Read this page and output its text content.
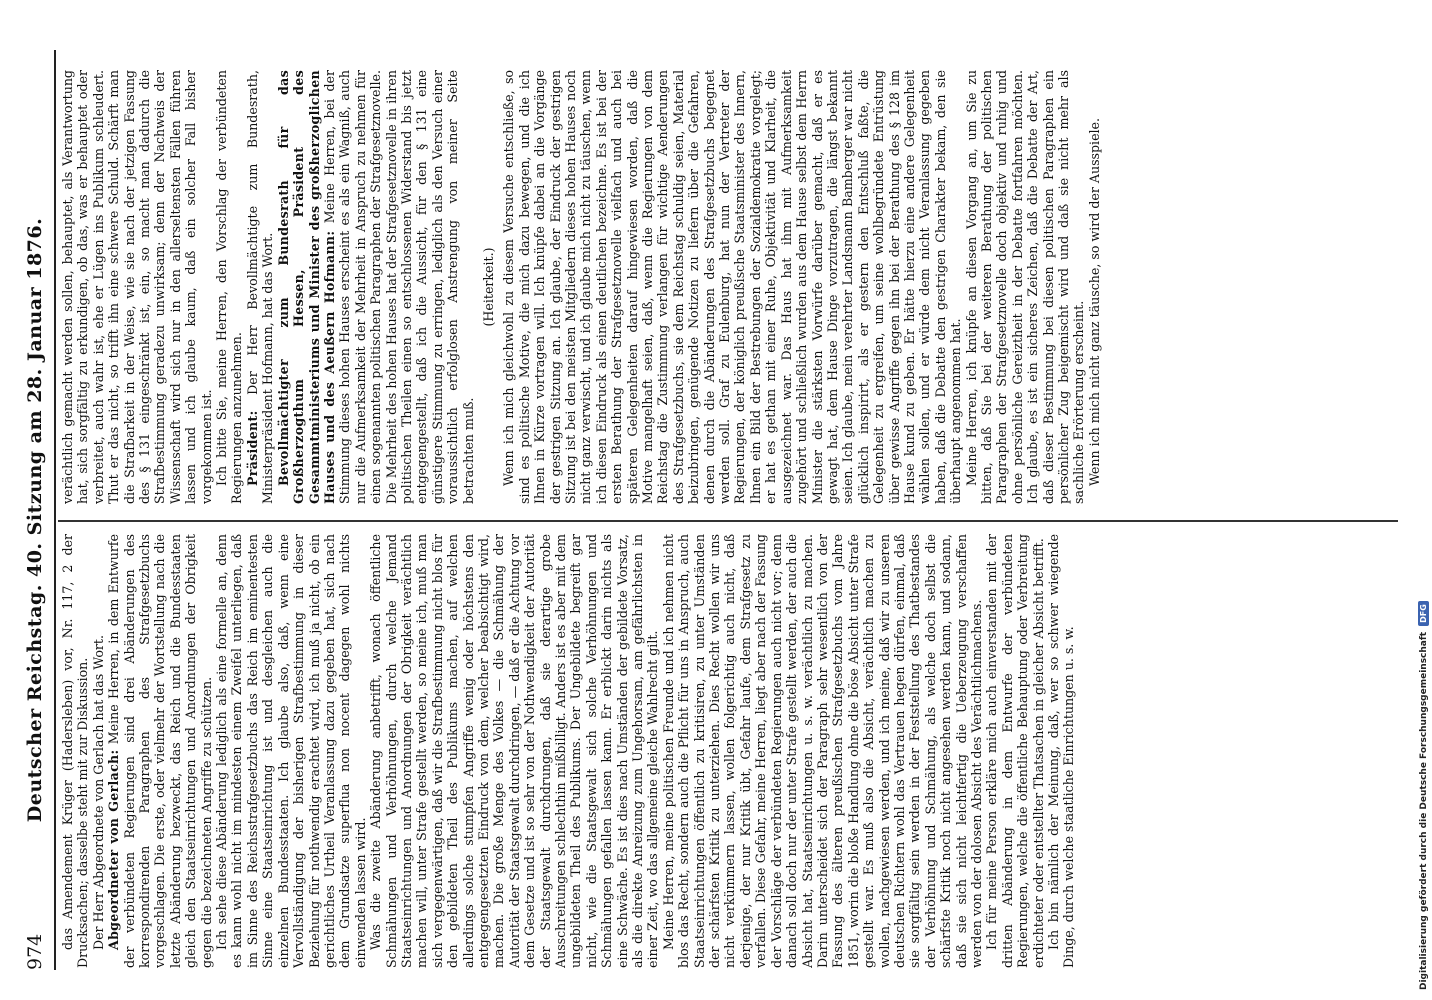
974
Deutscher Reichstag. 40. Sitzung am 28. Januar 1876. das Amendement Krüger (Hadersleben) vor, Nr. 117, 2 der Drucksachen; dasselbe steht mit zur Diskussion. Der Herr Abgeordnete von Gerlach hat das Wort. Abgeordneter von Gerlach: Meine Herren, in dem Entwurfe der verbündeten Regierungen sind drei Abänderungen des korrespondirenden Paragraphen des Strafgesetzbuchs vorgeschlagen. Die erste, oder vielmehr der Wortstellung nach die letzte Abänderung bezweckt, das Reich und die Bundesstaaten gleich den Staatseinrichtungen und Anordnungen der Obrigkeit gegen die bezeichneten Angriffe zu schützen. Ich sehe diese Abänderung lediglich als eine formelle an, denn es kann wohl nicht im mindesten einem Zweifel unterliegen, daß im Sinne des Reichsstrafgesetzbuchs das Reich im eminentesten Sinne eine Staatseinrichtung ist und desgleichen auch die einzelnen Bundesstaaten. Ich glaube also, daß, wenn eine Vervollständigung der bisherigen Strafbestimmung in dieser Beziehung für nothwendig erachtet wird, ich muß ja nicht, ob ein gerichtliches Urtheil Veranlassung dazu gegeben hat, sich nach dem Grundsatze superflua non nocent dagegen wohl nichts einwenden lassen wird. Was die zweite Abänderung anbetrifft, wonach öffentliche Schmähungen und Verhöhnungen, durch welche Jemand Staatseinrichtungen und Anordnungen der Obrigkeit verächtlich machen will, unter Strafe gestellt werden, so meine ich, muß man sich vergegenwärtigen, daß wir die Strafbestimmung nicht blos für den gebildeten Theil des Publikums machen, auf welchen allerdings solche stumpfen Angriffe wenig oder höchstens den entgegengesetzten Eindruck von dem, welcher beabsichtigt wird, machen. Die große Menge des Volkes — die Schmähung der Autorität der Staatsgewalt durchdringen, — daß er die Achtung vor dem Gesetze und ist so sehr von der Nothwendigkeit der Autorität der Staatsgewalt durchdrungen, daß sie derartige grobe Ausschreitungen schlechthin mißbilligt. Anders ist es aber mit dem ungebildeten Theil des Publikums. Der Ungebildete begreift gar nicht, wie die Staatsgewalt sich solche Verhöhnungen und Schmähungen gefallen lassen kann. Er erblickt darin nichts als eine Schwäche. Es ist dies nach Umständen der gebildete Vorsatz, als die direkte Anreizung zum Ungehorsam, am gefährlichsten in einer Zeit, wo das allgemeine gleiche Wahlrecht gilt. Meine Herren, meine politischen Freunde und ich nehmen nicht blos das Recht, sondern auch die Pflicht für uns in Anspruch, auch Staatseinrichtungen öffentlich zu kritisiren, zu unter Umständen der schärfsten Kritik zu unterziehen. Dies Recht wollen wir uns nicht verkümmern lassen, wollen folgerichtig auch nicht, daß derjenige, der nur Kritik übt, Gefahr laufe, dem Strafgesetz zu verfallen. Diese Gefahr, meine Herren, liegt aber nach der Fassung der Vorschläge der verbündeten Regierungen auch nicht vor; denn danach soll doch nur der unter Strafe gestellt werden, der auch die Absicht hat, Staatseinrichtungen u. s. w. verächtlich zu machen. Darin unterscheidet sich der Paragraph sehr wesentlich von der Fassung des älteren preußischen Strafgesetzbuchs vom Jahre 1851, worin die bloße Handlung ohne die böse Absicht unter Strafe gestellt war. Es muß also die Absicht, verächtlich machen zu wollen, nachgewiesen werden, und ich meine, daß wir zu unseren deutschen Richtern wohl das Vertrauen hegen dürfen, einmal, daß sie sorgfältig sein werden in der Feststellung des Thatbestandes der Verhöhnung und Schmähung, als welche doch selbst die schärfste Kritik noch nicht angesehen werden kann, und sodann, daß sie sich nicht leichtfertig die Ueberzeugung verschaffen werden von der dolosen Absicht des Verächtlichmachens. Ich für meine Person erkläre mich auch einverstanden mit der dritten Abänderung in dem Entwurfe der verbündeten Regierungen, welche die öffentliche Behauptung oder Verbreitung erdichteter oder entstellter Thatsachen in gleicher Absicht betrifft. Ich bin nämlich der Meinung, daß, wer so schwer wiegende Dinge, durch welche staatliche Einrichtungen u. s. w.

verächtlich gemacht werden sollen, behauptet, als Verantwortung hat, sich sorgfältig zu erkundigen, ob das, was er behauptet oder verbreitet, auch wahr ist, ehe er Lügen ins Publikum schleudert. Thut er das nicht, so trifft ihn eine schwere Schuld. Schärft man die Strafbarkeit in der Weise, wie sie nach der jetzigen Fassung des § 131 eingeschränkt ist, ein, so macht man dadurch die Strafbestimmung geradezu unwirksam; denn der Nachweis der Wissenschaft wird sich nur in den allerseltensten Fällen führen lassen und ich glaube kaum, daß ein solcher Fall bisher vorgekommen ist. Ich bitte Sie, meine Herren, den Vorschlag der verbündeten Regierungen anzunehmen. Präsident: Der Herr Bevollmächtigte zum Bundesrath, Ministerpräsident Hofmann, hat das Wort. Bevollmächtigter zum Bundesrath für das Großherzogthum Hessen, Präsident des Gesammtministeriums und Minister des großherzoglichen Hauses und des Aeußern Hofmann: Meine Herren, bei der Stimmung dieses hohen Hauses erscheint es als ein Wagniß, auch nur die Aufmerksamkeit der Mehrheit in Anspruch zu nehmen für einen sogenannten politischen Paragraphen der Strafgesetznovelle. Die Mehrheit des hohen Hauses hat der Strafgesetznovelle in ihren politischen Theilen einen so entschlossenen Widerstand bis jetzt entgegengestellt, daß ich die Aussicht, für den § 131 eine günstigere Stimmung zu erringen, lediglich als den Versuch einer voraussichtlich erfolglosen Anstrengung von meiner Seite betrachten muß.

(Heiterkeit.) Wenn ich mich gleichwohl zu diesem Versuche entschließe, so sind es politische Motive, die mich dazu bewegen, und die ich Ihnen in Kürze vortragen will. Ich knüpfe dabei an die Vorgänge der gestrigen Sitzung an. Ich glaube, der Eindruck der gestrigen Sitzung ist bei den meisten Mitgliedern dieses hohen Hauses noch nicht ganz verwischt, und ich glaube mich nicht zu täuschen, wenn ich diesen Eindruck als einen deutlichen bezeichne. Es ist bei der ersten Berathung der Strafgesetznovelle vielfach und auch bei späteren Gelegenheiten darauf hingewiesen worden, daß die Motive mangelhaft seien, daß, wenn die Regierungen von dem Reichstag die Zustimmung verlangen für wichtige Aenderungen des Strafgesetzbuchs, sie dem Reichstag schuldig seien, Material beizubringen, genügende Notizen zu liefern über die Gefahren, denen durch die Abänderungen des Strafgesetzbuchs begegnet werden soll. Graf zu Eulenburg, hat nun der Vertreter der Regierungen, der königlich preußische Staatsminister des Innern, Ihnen ein Bild der Bestrebungen der Sozialdemokratie vorgelegt; er hat es gethan mit einer Ruhe, Objektivität und Klarheit, die ausgezeichnet war. Das Haus hat ihm mit Aufmerksamkeit zugehört und schließlich wurden aus dem Hause selbst dem Herrn Minister die stärksten Vorwürfe darüber gemacht, daß er es gewagt hat, dem Hause Dinge vorzutragen, die längst bekannt seien. Ich glaube, mein verehrter Landsmann Bamberger war nicht glücklich inspirirt, als er gestern den Entschluß faßte, die Gelegenheit zu ergreifen, um seine wohlbegründete Entrüstung über gewisse Angriffe gegen ihn bei der Berathung des § 128 im Hause kund zu geben. Er hätte hierzu eine andere Gelegenheit wählen sollen, und er würde dem nicht Veranlassung gegeben haben, daß die Debatte den gestrigen Charakter bekam, den sie überhaupt angenommen hat. Meine Herren, ich knüpfe an diesen Vorgang an, um Sie zu bitten, daß Sie bei der weiteren Berathung der politischen Paragraphen der Strafgesetznovelle doch objektiv und ruhig und ohne persönliche Gereiztheit in der Debatte fortfahren möchten. Ich glaube, es ist ein sicheres Zeichen, daß die Debatte der Art, daß dieser Bestimmung bei diesen politischen Paragraphen ein persönlicher Zug beigemischt wird und daß sie nicht mehr als sachliche Erörterung erscheint. Wenn ich mich nicht ganz täusche, so wird der Ausspiele.

Digitalisierung gefördert durch die Deutsche ForschungsgemeinschaftDFG
